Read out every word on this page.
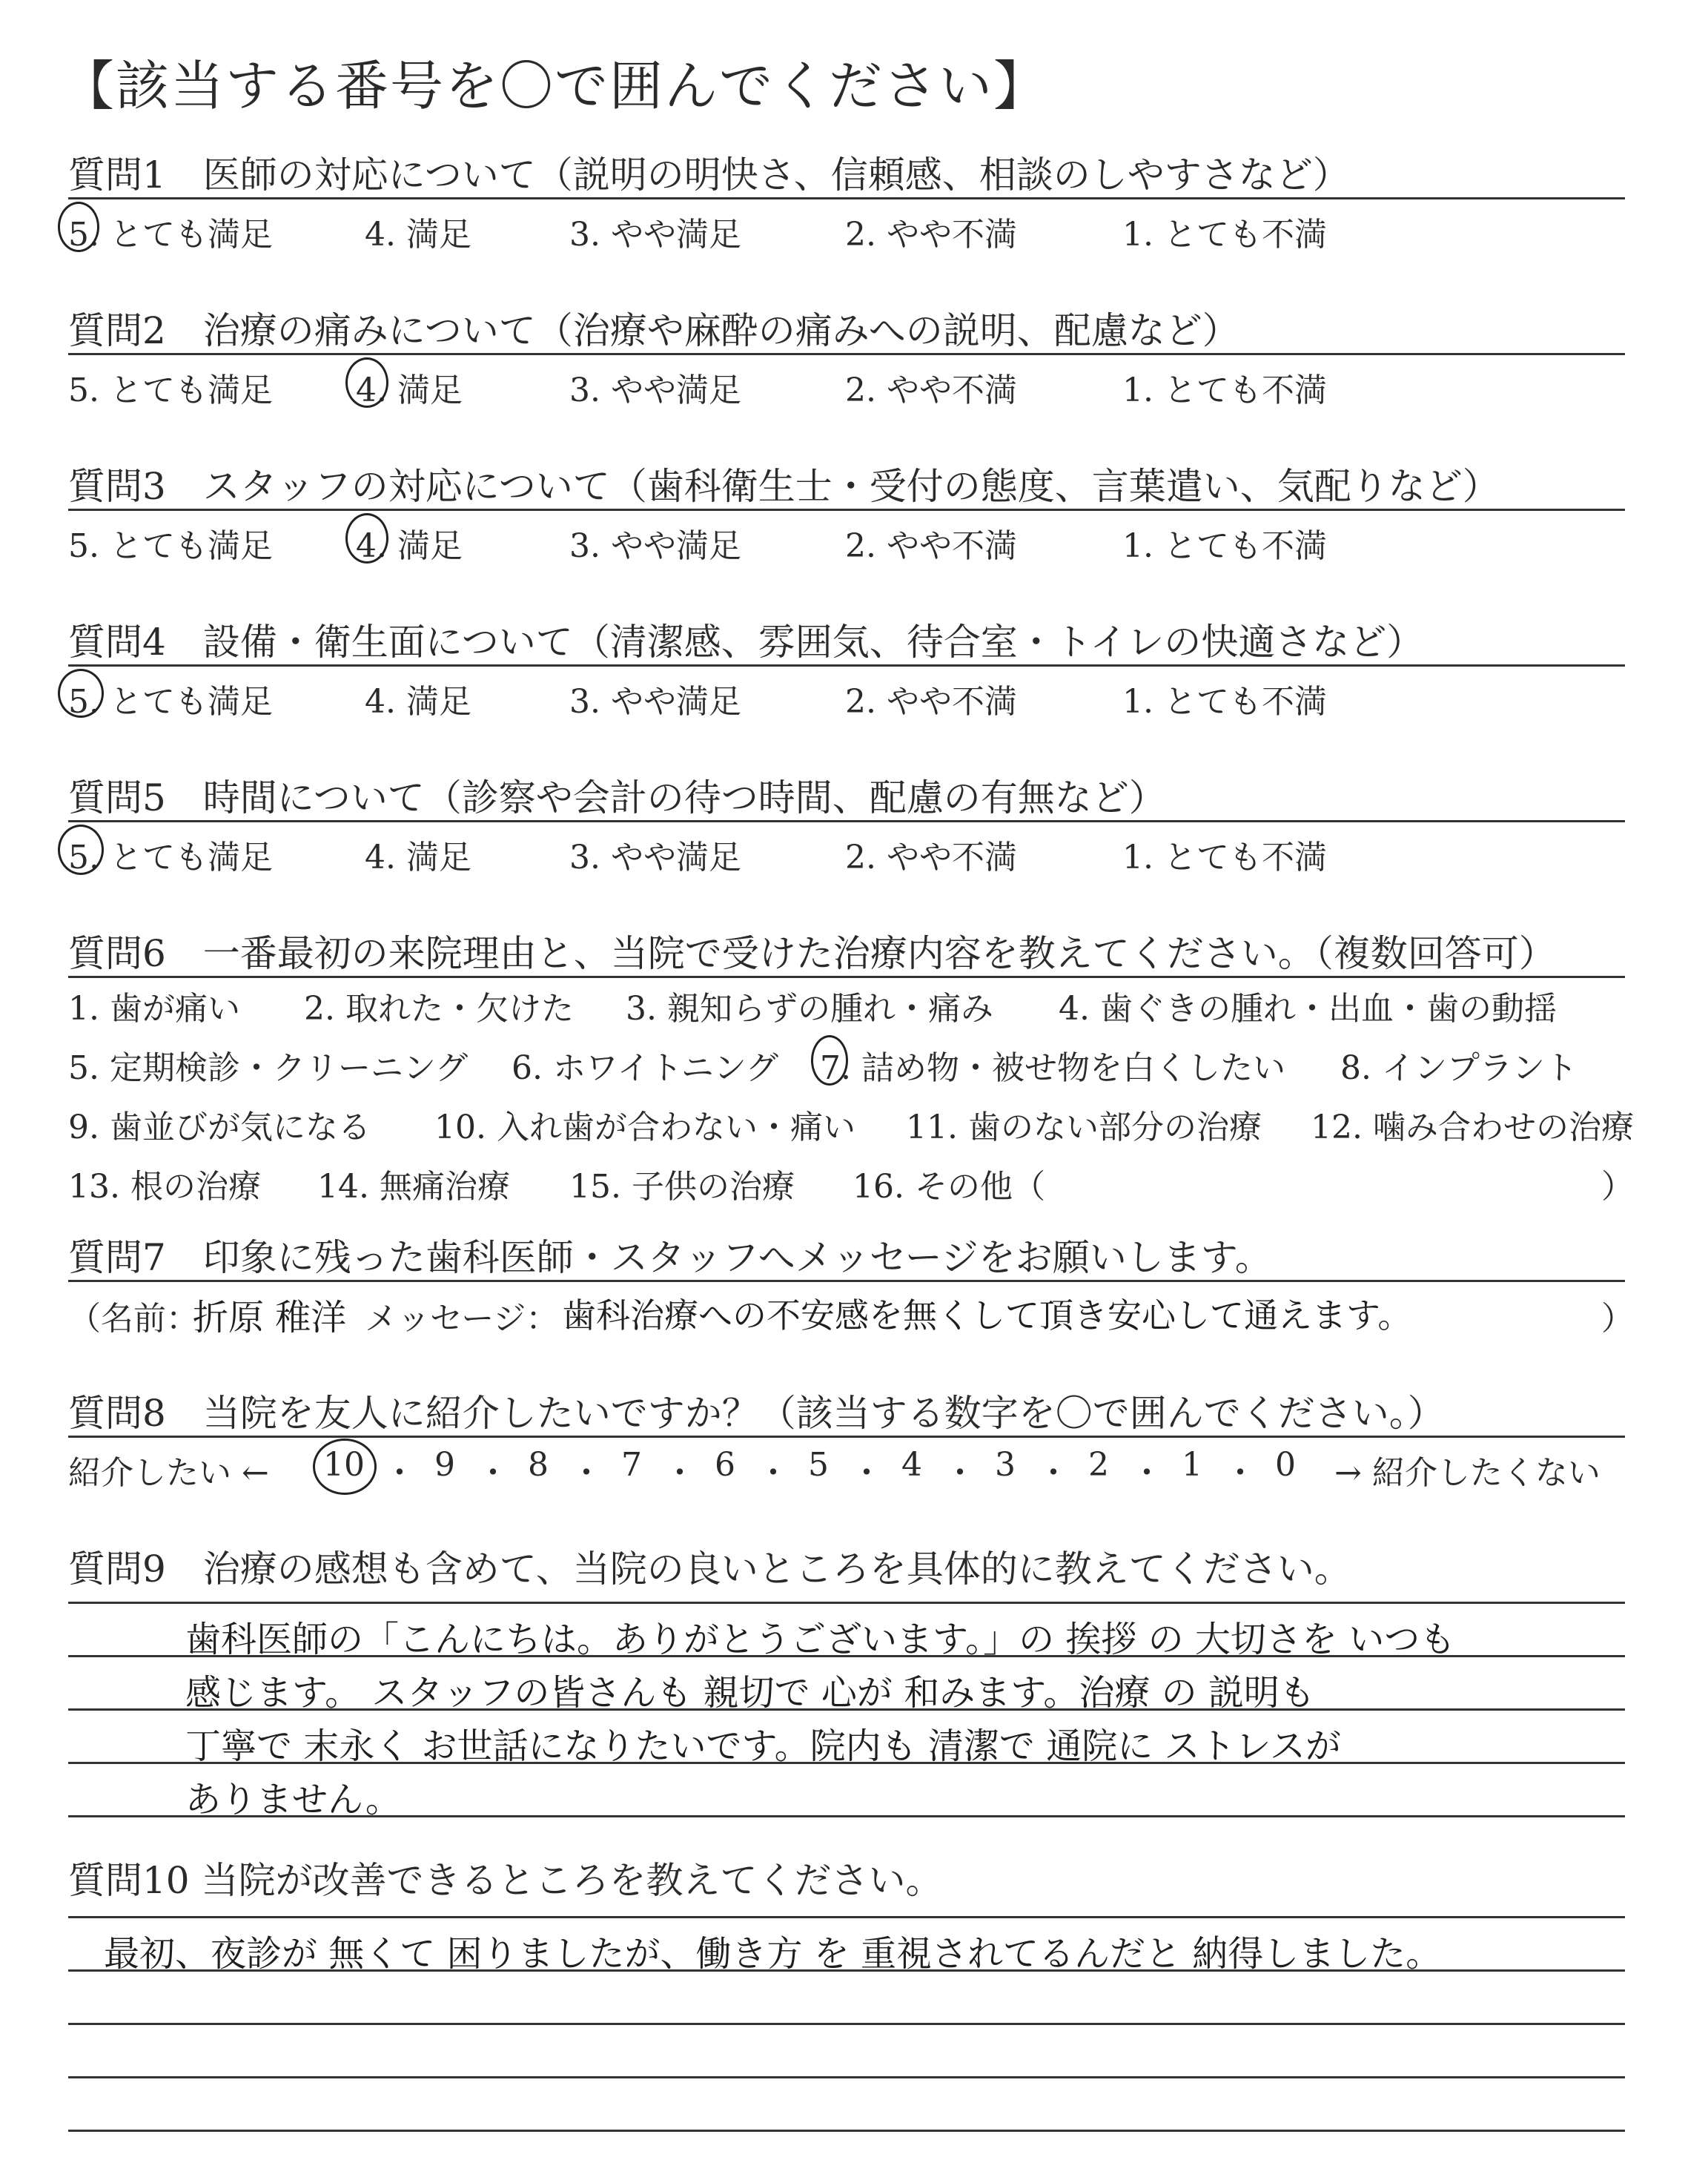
【該当する番号を〇で囲んでください】
質問1　医師の対応について（説明の明快さ、信頼感、相談のしやすさなど）
5. とても満足	4. 満足	3. やや満足	2. やや不満	1. とても不満
質問2　治療の痛みについて（治療や麻酔の痛みへの説明、配慮など）
5. とても満足	4. 満足	3. やや満足	2. やや不満	1. とても不満
質問3　スタッフの対応について（歯科衛生士・受付の態度、言葉遣い、気配りなど）
5. とても満足	4. 満足	3. やや満足	2. やや不満	1. とても不満
質問4　設備・衛生面について（清潔感、雰囲気、待合室・トイレの快適さなど）
5. とても満足	4. 満足	3. やや満足	2. やや不満	1. とても不満
質問5　時間について（診察や会計の待つ時間、配慮の有無など）
5. とても満足	4. 満足	3. やや満足	2. やや不満	1. とても不満
質問6　一番最初の来院理由と、当院で受けた治療内容を教えてください。（複数回答可）
1. 歯が痛い 2. 取れた・欠けた 3. 親知らずの腫れ・痛み 4. 歯ぐきの腫れ・出血・歯の動揺
5. 定期検診・クリーニング 6. ホワイトニング 7. 詰め物・被せ物を白くしたい 8. インプラント
9. 歯並びが気になる 10. 入れ歯が合わない・痛い 11. 歯のない部分の治療 12. 噛み合わせの治療
13. 根の治療 14. 無痛治療 15. 子供の治療 16. その他（	）
質問7　印象に残った歯科医師・スタッフへメッセージをお願いします。
（名前：
折原 稚洋 メッセージ： 歯科治療への不安感を無くして頂き安心して通えます。	）
質問8　当院を友人に紹介したいですか？（該当する数字を〇で囲んでください。）
紹介したい ← 10 ・ 9 ・ 8 ・ 7 ・ 6 ・ 5 ・ 4 ・ 3 ・ 2 ・ 1 ・ 0 → 紹介したくない
質問9　治療の感想も含めて、当院の良いところを具体的に教えてください。
歯科医師の「こんにちは。ありがとうございます。」の 挨拶 の 大切さを いつも
感じます。 スタッフの皆さんも 親切で 心が 和みます。治療 の 説明も
丁寧で 末永く お世話になりたいです。院内も 清潔で 通院に ストレスが
ありません。
質問10 当院が改善できるところを教えてください。
最初、夜診が 無くて 困りましたが、働き方 を 重視されてるんだと 納得しました。
